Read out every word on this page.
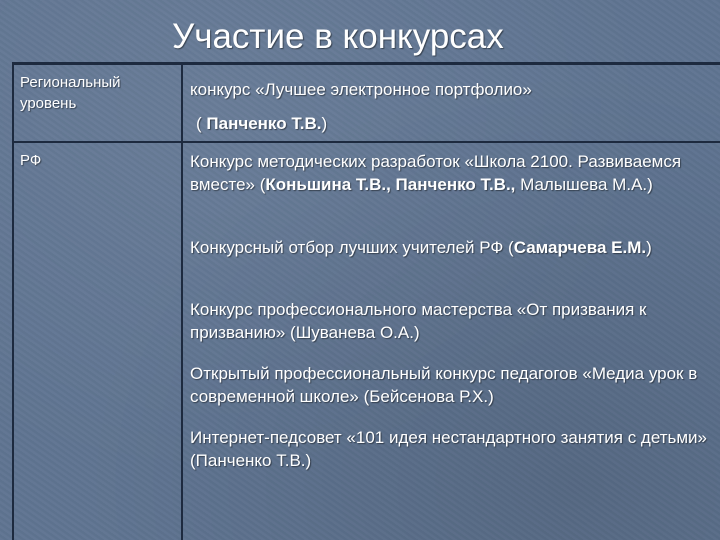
Участие в конкурсах
Региональный уровень
конкурс «Лучшее электронное портфолио»
( Панченко Т.В.)
РФ	Конкурс методических разработок «Школа 2100. Развиваемся вместе» (Коньшина Т.В., Панченко Т.В., Малышева М.А.)
Конкурсный отбор лучших учителей РФ (Самарчева Е.М.)
Конкурс профессионального мастерства «От призвания к призванию» (Шуванева О.А.)
Открытый профессиональный конкурс педагогов «Медиа урок в современной школе» (Бейсенова Р.Х.)
Интернет-педсовет «101 идея нестандартного занятия с детьми» (Панченко Т.В.)
